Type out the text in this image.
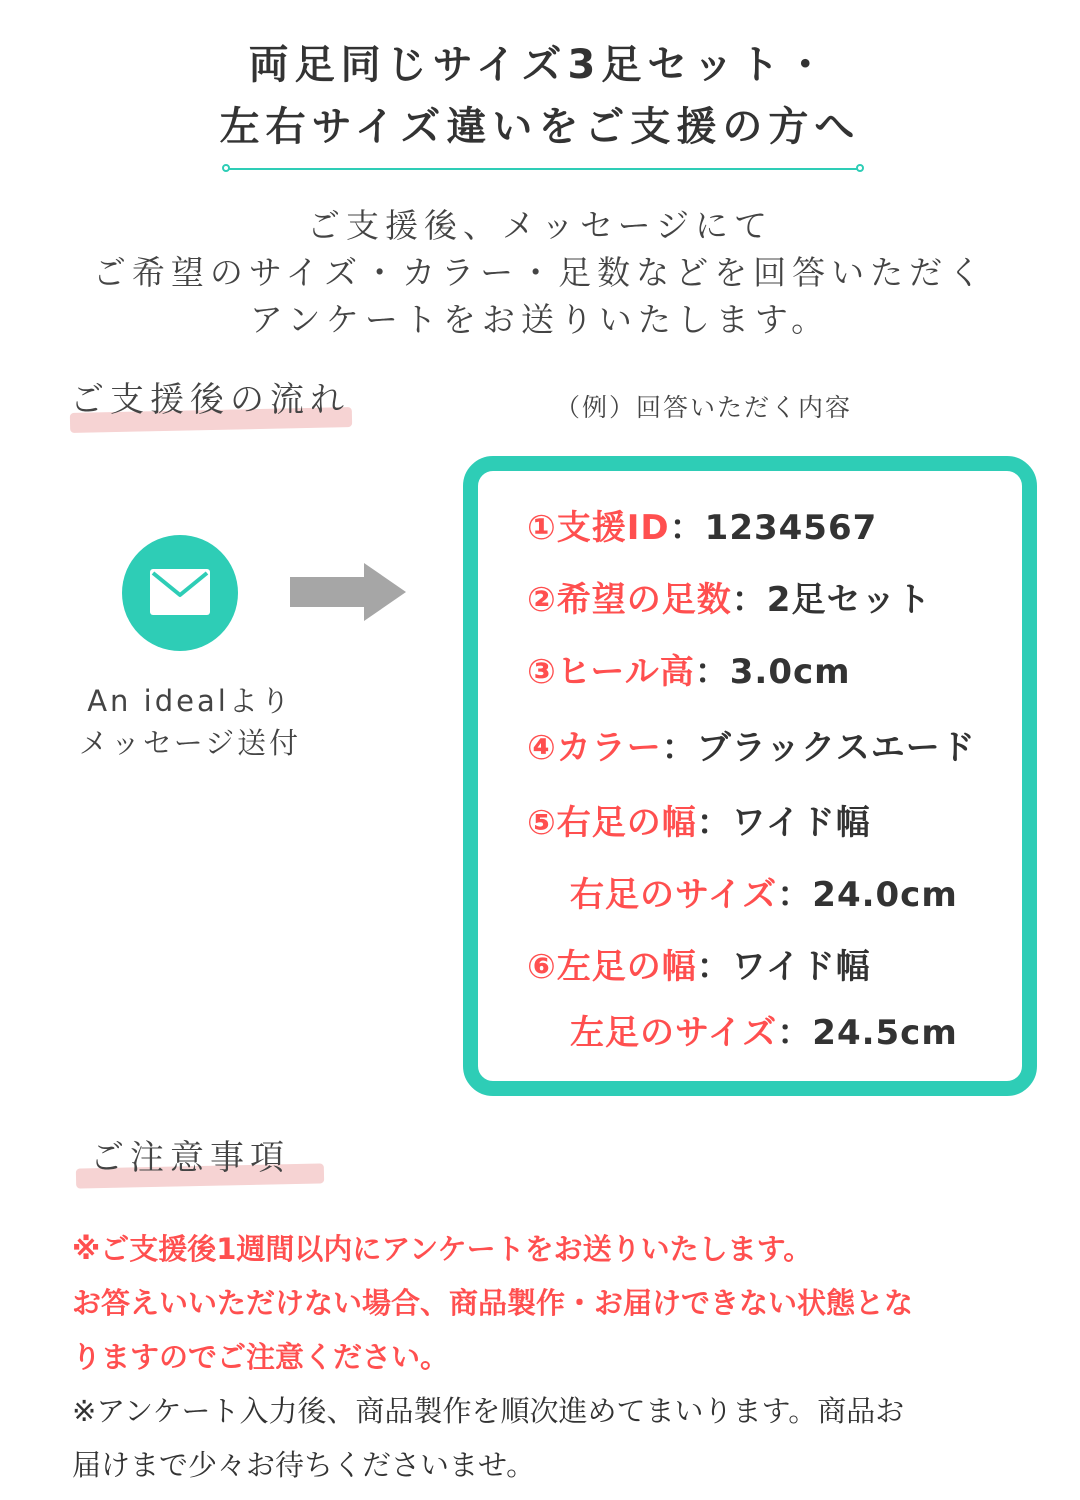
両足同じサイズ3足セット・
左右サイズ違いをご支援の方へ
ご支援後、メッセージにて
ご希望のサイズ・カラー・足数などを回答いただく
アンケートをお送りいたします。
ご支援後の流れ	（例）回答いただく内容
An idealより
メッセージ送付
①支援ID：1234567
②希望の足数：2足セット
③ヒール高：3.0cm
④カラー：ブラックスエード
⑤右足の幅：ワイド幅
右足のサイズ：24.0cm
⑥左足の幅：ワイド幅
左足のサイズ：24.5cm
ご注意事項
※ご支援後1週間以内にアンケートをお送りいたします。
お答えいいただけない場合、商品製作・お届けできない状態とな
りますのでご注意ください。
※アンケート入力後、商品製作を順次進めてまいります。商品お
届けまで少々お待ちくださいませ。
